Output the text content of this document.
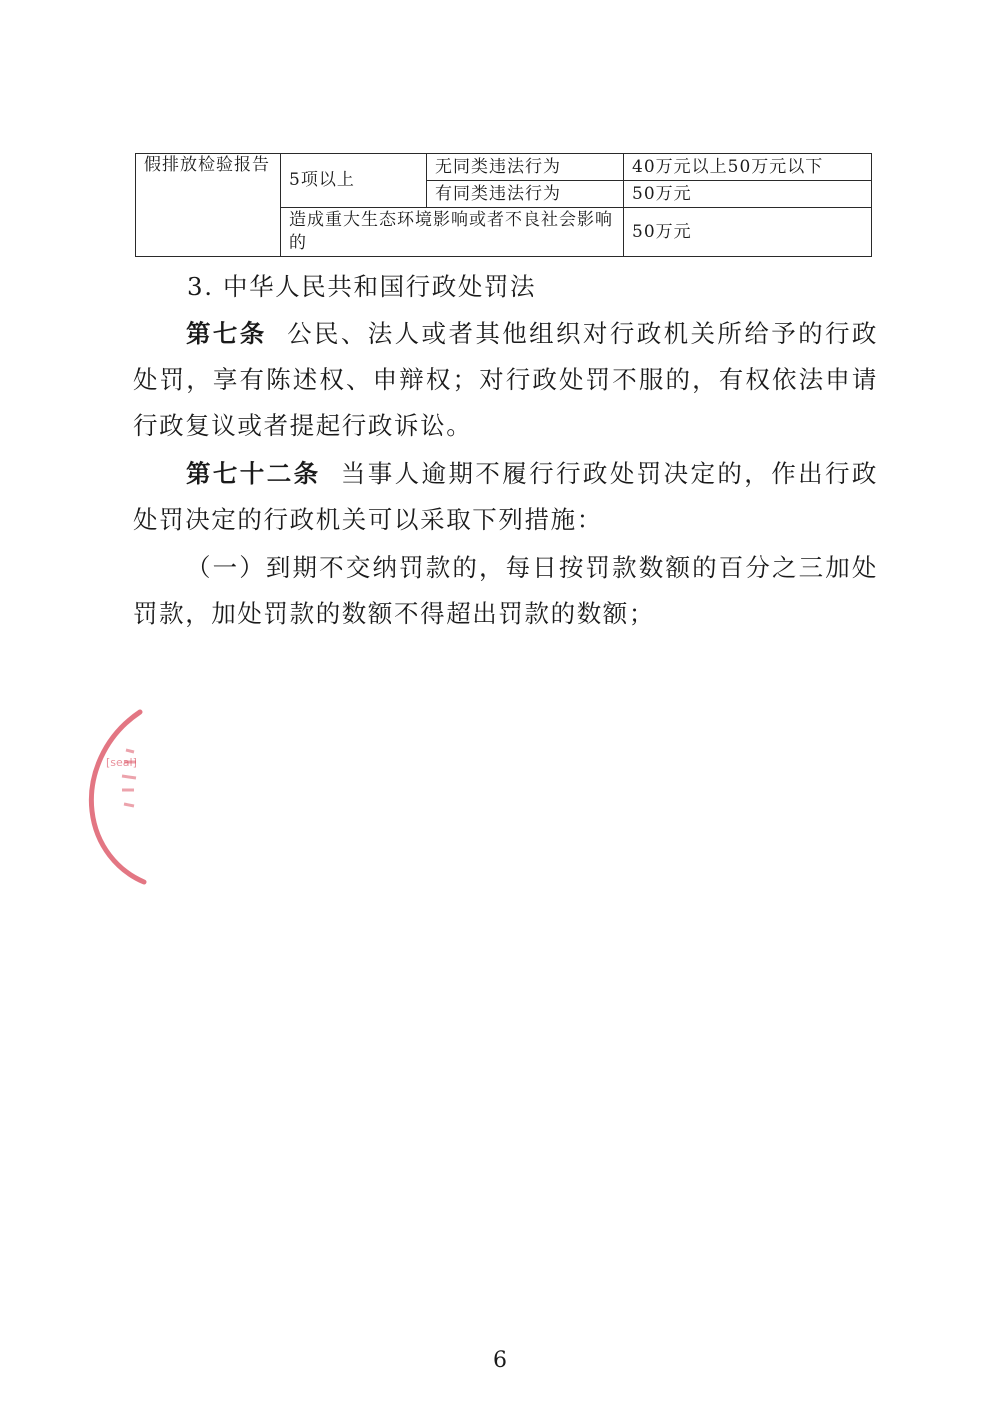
假排放检验报告	5项以上	无同类违法行为	40万元以上50万元以下
		有同类违法行为	50万元
	造成重大生态环境影响或者不良社会影响的		50万元
3. 中华人民共和国行政处罚法
第七条 公民、法人或者其他组织对行政机关所给予的行政处罚，享有陈述权、申辩权；对行政处罚不服的，有权依法申请行政复议或者提起行政诉讼。
第七十二条 当事人逾期不履行行政处罚决定的，作出行政处罚决定的行政机关可以采取下列措施：
（一）到期不交纳罚款的，每日按罚款数额的百分之三加处罚款，加处罚款的数额不得超出罚款的数额；
[seal]
6
